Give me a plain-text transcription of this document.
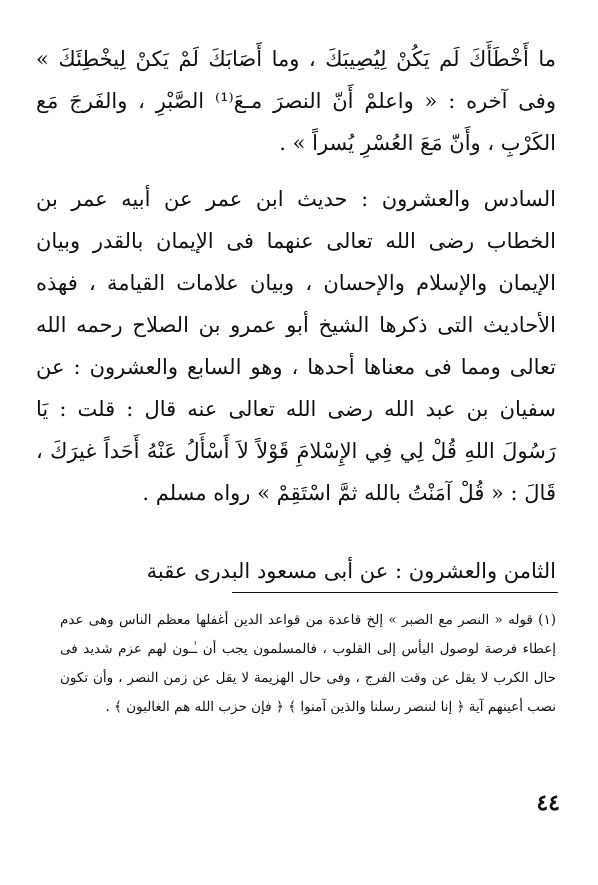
ما أَخْطَأَكَ لَم يَكُنْ لِيُصِيبَكَ ، وما أَصَابَكَ لَمْ يَكنْ لِيخْطِئَكَ » وفى آخره : « واعلمْ أَنّ النصرَ مـعَ⁽¹⁾ الصَّبْرِ ، والفَرجَ مَع الكَرْبِ ، وأَنّ مَعَ العُسْرِ يُسراً » .

السادس والعشرون : حديث ابن عمر عن أبيه عمر بن الخطاب رضى الله تعالى عنهما فى الإيمان بالقدر وبيان الإيمان والإسلام والإحسان ، وبيان علامات القيامة ، فهذه الأحاديث التى ذكرها الشيخ أبو عمرو بن الصلاح رحمه الله تعالى ومما فى معناها أحدها ، وهو السابع والعشرون : عن سفيان بن عبد الله رضى الله تعالى عنه قال : قلت : يَا رَسُولَ اللهِ قُلْ لِي فِي الإِسْلامَِ قَوْلاً لاَ أَسْأَلُ عَنْهُ أَحَداً غيرَكَ ، قَالَ : « قُلْ آمَنْتُ بالله ثمَّ اسْتَقِمْ » رواه مسلم .

الثامن والعشرون : عن أبى مسعود البدرى عقبة

(١) قوله « النصر مع الصبر » إلخ قاعدة من قواعد الدين أغفلها معظم الناس وهى عدم إعطاء فرصة لوصول اليأس إلى القلوب ، فالمسلمون يجب أن ـٰـون لهم عزم شديد فى حال الكرب لا يقل عن وقت الفرج ، وفى حال الهزيمة لا يقل عن زمن النصر ، وأن تكون نصب أعينهم آية ﴿ إنا لننصر رسلنا والذين آمنوا ﴾ ﴿ فإن حزب الله هم الغالبون ﴾ .

٤٤
